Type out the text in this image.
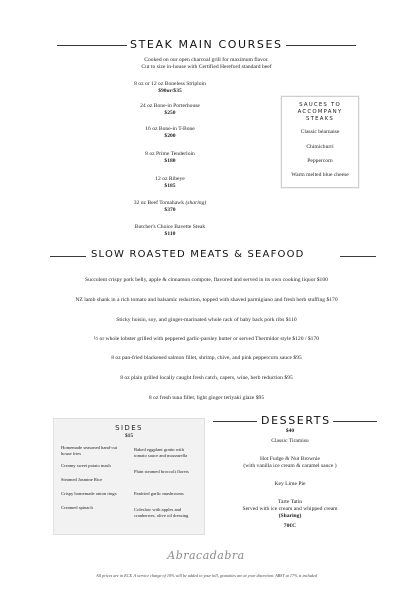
STEAK MAIN COURSES
Cooked on our open charcoal grill for maximum flavor.
Cut to size in-house with Certified Hereford standard beef
8 oz or 12 oz Boneless Striploin
$90or/$35
24 oz Bone-in Porterhouse
$250
16 oz Bone-in T-Bone
$200
8 oz Prime Tenderloin
$180
12 oz Ribeye
$185
32 oz Beef Tomahawk (sharing)
$370
Butcher's Choice Bavette Steak
$110
SAUCES TO
ACCOMPANY
STEAKS
Classic béarnaise
Chimichurri
Peppercorn
Warm melted blue cheese
SLOW ROASTED MEATS & SEAFOOD
Succulent crispy pork belly, apple & cinnamon compote, flavored and served in its own cooking liquor $100
NZ lamb shank in a rich tomato and balsamic reduction, topped with shaved parmigiano and fresh herb stuffing $170
Sticky hoisin, soy, and ginger-marinated whole rack of baby back pork ribs $110
½ or whole lobster grilled with peppered garlic-parsley butter or served Thermidor style $120 / $170
8 oz pan-fried blackened salmon fillet, shrimp, chive, and pink peppercorn sauce $95
8 oz plain grilled locally caught fresh catch, capers, wine, herb reduction $95
8 oz fresh tuna fillet, light ginger teriyaki glaze $95
SIDES
$15
Homemade seasoned hand-cut house fries
Creamy sweet potato mash
Steamed Jasmine Rice
Crispy homemade onion rings
Creamed spinach
Baked eggplant gratin with tomato sauce and mozzarella
Plain steamed broccoli florets
Panfried garlic mushrooms
Coleslaw with apples and cranberries, olive oil dressing
DESSERTS
$40
Classic Tiramisu
Hot Fudge & Nut Brownie
(with vanilla ice cream & caramel sauce )
Key Lime Pie
Tarte Tatin
Served with ice cream and whipped cream
(Sharing)
70€C
Abracadabra
All prices are in EC$. A service charge of 10% will be added to your bill, gratuities are at your discretion. ABST at 17% is included
